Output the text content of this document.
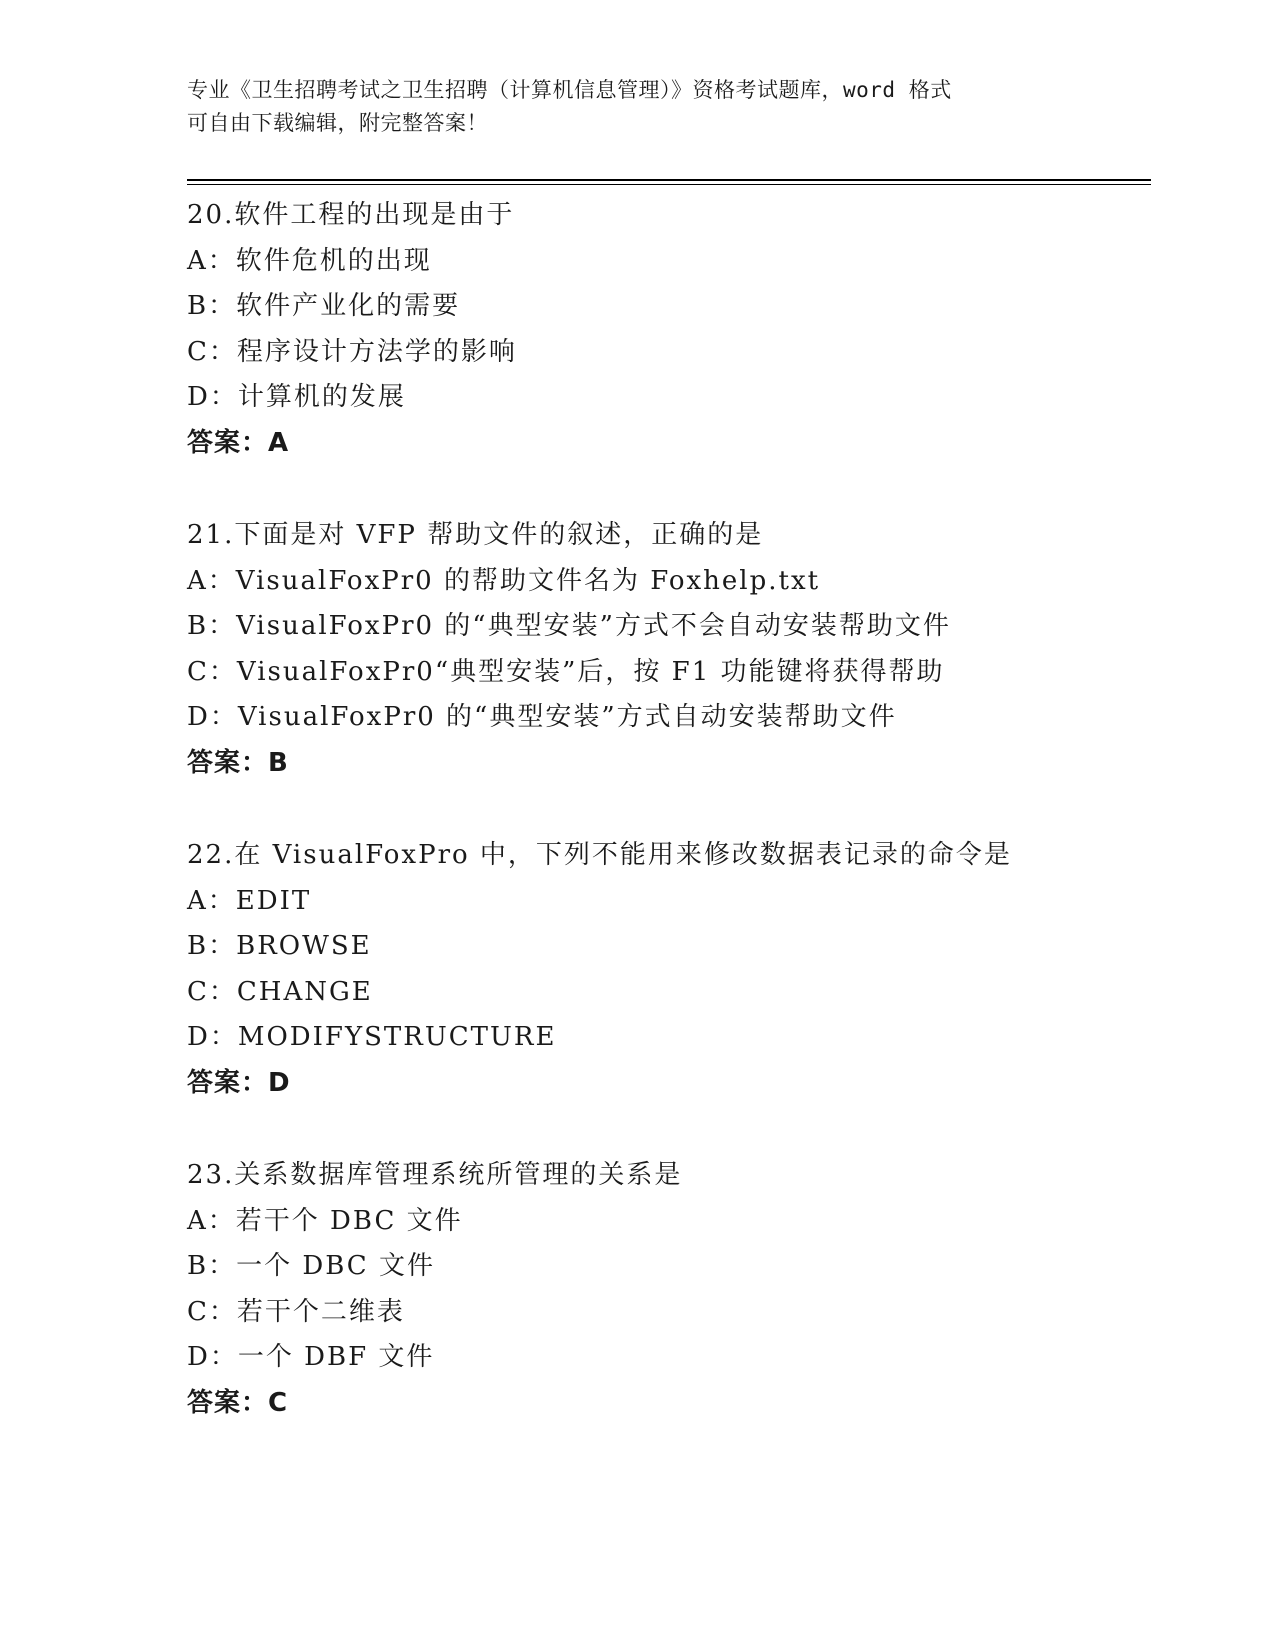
专业《卫生招聘考试之卫生招聘（计算机信息管理）》资格考试题库，word 格式
可自由下载编辑，附完整答案！
20.软件工程的出现是由于
A：软件危机的出现
B：软件产业化的需要
C：程序设计方法学的影响
D：计算机的发展
答案：A
21.下面是对 VFP 帮助文件的叙述，正确的是
A：VisualFoxPr0 的帮助文件名为 Foxhelp.txt
B：VisualFoxPr0 的“典型安装”方式不会自动安装帮助文件
C：VisualFoxPr0“典型安装”后，按 F1 功能键将获得帮助
D：VisualFoxPr0 的“典型安装”方式自动安装帮助文件
答案：B
22.在 VisualFoxPro 中，下列不能用来修改数据表记录的命令是
A：EDIT
B：BROWSE
C：CHANGE
D：MODIFYSTRUCTURE
答案：D
23.关系数据库管理系统所管理的关系是
A：若干个 DBC 文件
B：一个 DBC 文件
C：若干个二维表
D：一个 DBF 文件
答案：C
